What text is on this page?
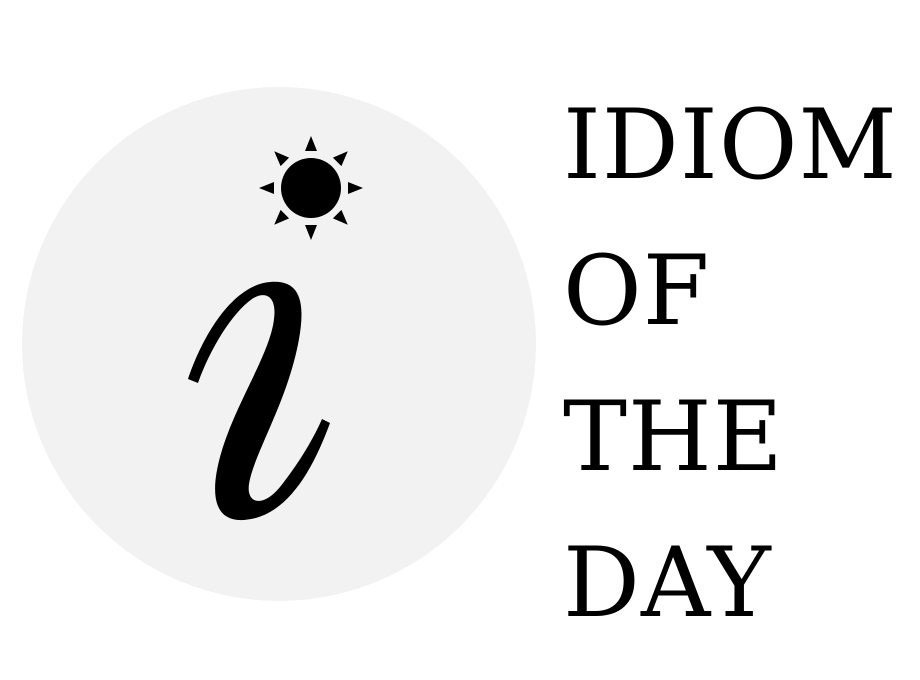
IDIOM
OF
THE
DAY
